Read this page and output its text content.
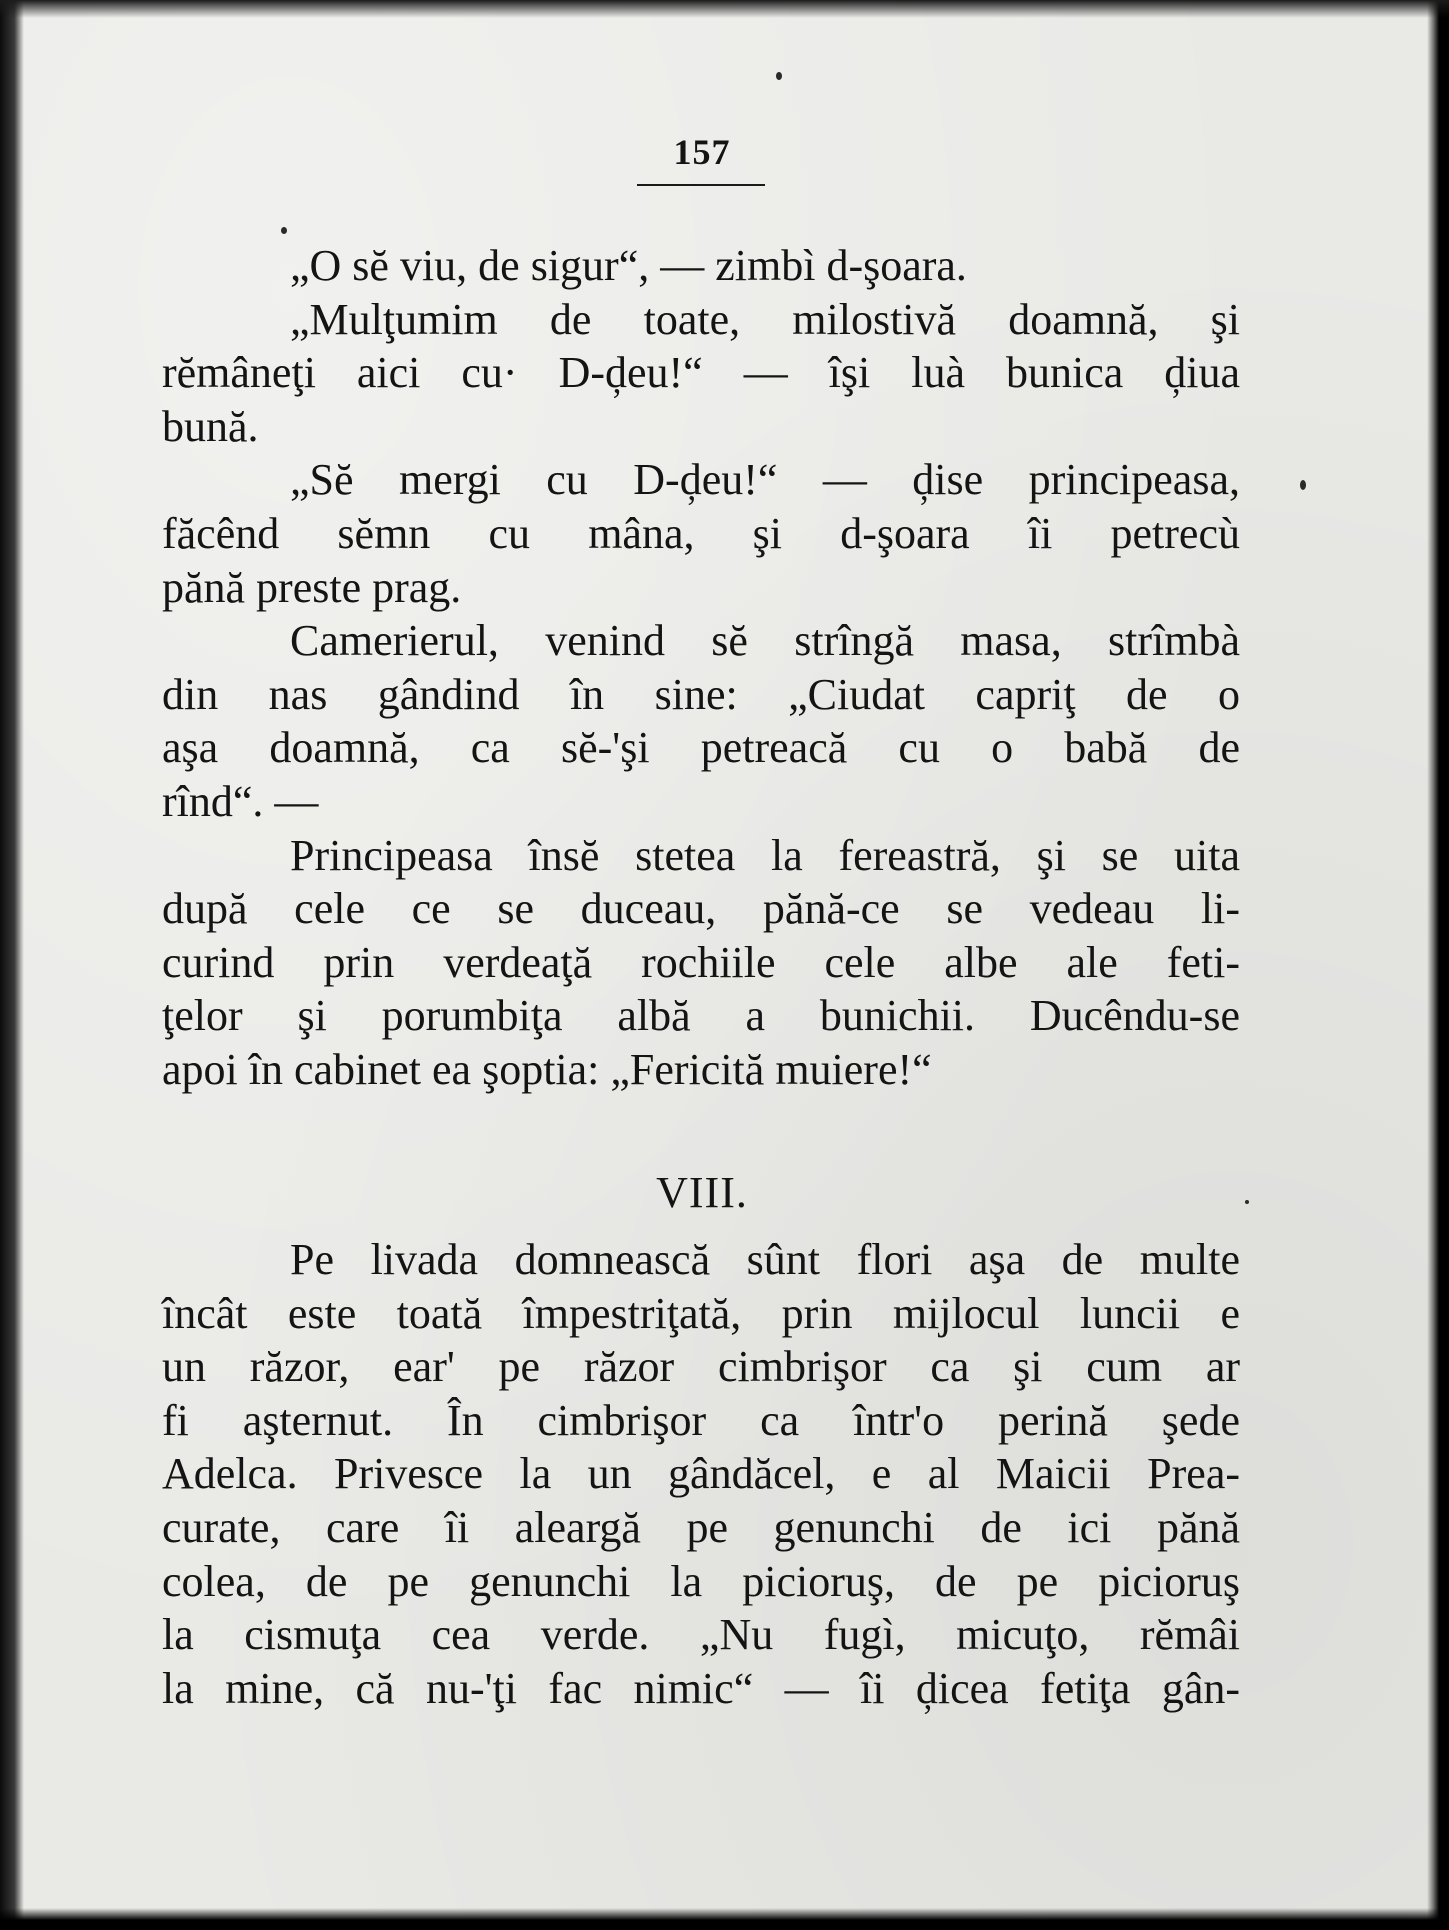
157
„O sĕ viu, de sigur“, — zimbì d-şoara.
„Mulţumim de toate, milostivă doamnă, şi
rĕmâneţi aici cu· D-ḑeu!“ — îşi luà bunica ḑiua
bună.
„Sĕ mergi cu D-ḑeu!“ — ḑise principeasa,
făcênd sĕmn cu mâna, şi d-şoara îi petrecù
pănă preste prag.
Camerierul, venind sĕ strîngă masa, strîmbà
din nas gândind în sine: „Ciudat capriţ de o
aşa doamnă, ca sĕ-'şi petreacă cu o babă de
rînd“. —
Principeasa însĕ stetea la fereastră, şi se uita
după cele ce se duceau, pănă-ce se vedeau li-
curind prin verdeaţă rochiile cele albe ale feti-
ţelor şi porumbiţa albă a bunichii. Ducêndu-se
apoi în cabinet ea şoptia: „Fericită muiere!“
VIII.
Pe livada domnească sûnt flori aşa de multe
încât este toată împestriţată, prin mijlocul luncii e
un răzor, ear' pe răzor cimbrişor ca şi cum ar
fi aşternut. În cimbrişor ca într'o perină şede
Adelca. Privesce la un gândăcel, e al Maicii Prea-
curate, care îi aleargă pe genunchi de ici pănă
colea, de pe genunchi la picioruş, de pe picioruş
la cismuţa cea verde. „Nu fugì, micuţo, rĕmâi
la mine, că nu-'ţi fac nimic“ — îi ḑicea fetiţa gân-
